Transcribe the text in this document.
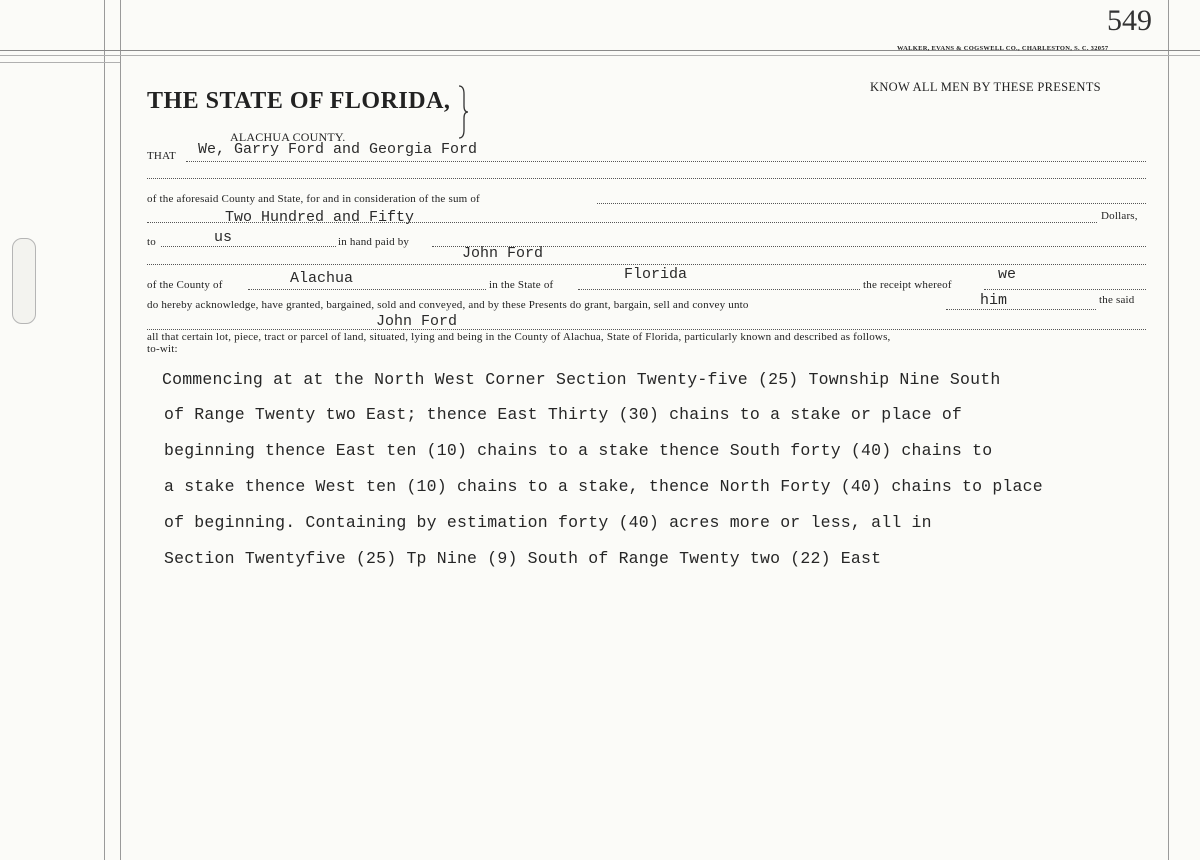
549
WALKER, EVANS & COGSWELL CO., CHARLESTON, S. C. 32057
THE STATE OF FLORIDA,
ALACHUA COUNTY.
KNOW ALL MEN BY THESE PRESENTS
THAT We, Garry Ford and Georgia Ford
of the aforesaid County and State, for and in consideration of the sum of
Two Hundred and Fifty	Dollars,
to	us	in hand paid by
John Ford
of the County of	Alachua	in the State of
Florida
the receipt whereof
we
do hereby acknowledge, have granted, bargained, sold and conveyed, and by these Presents do grant, bargain, sell and convey unto	him	the said
John Ford
all that certain lot, piece, tract or parcel of land, situated, lying and being in the County of Alachua, State of Florida, particularly known and described as follows,
to-wit:
Commencing at at the North West Corner Section Twenty-five (25) Township Nine South
of Range Twenty two East; thence East Thirty (30) chains to a stake or place of
beginning thence East ten (10) chains to a stake thence South forty (40) chains to
a stake thence West ten (10) chains to a stake, thence North Forty (40) chains to place
of beginning. Containing by estimation forty (40) acres more or less, all in
Section Twentyfive (25) Tp Nine (9) South of Range Twenty two (22) East
